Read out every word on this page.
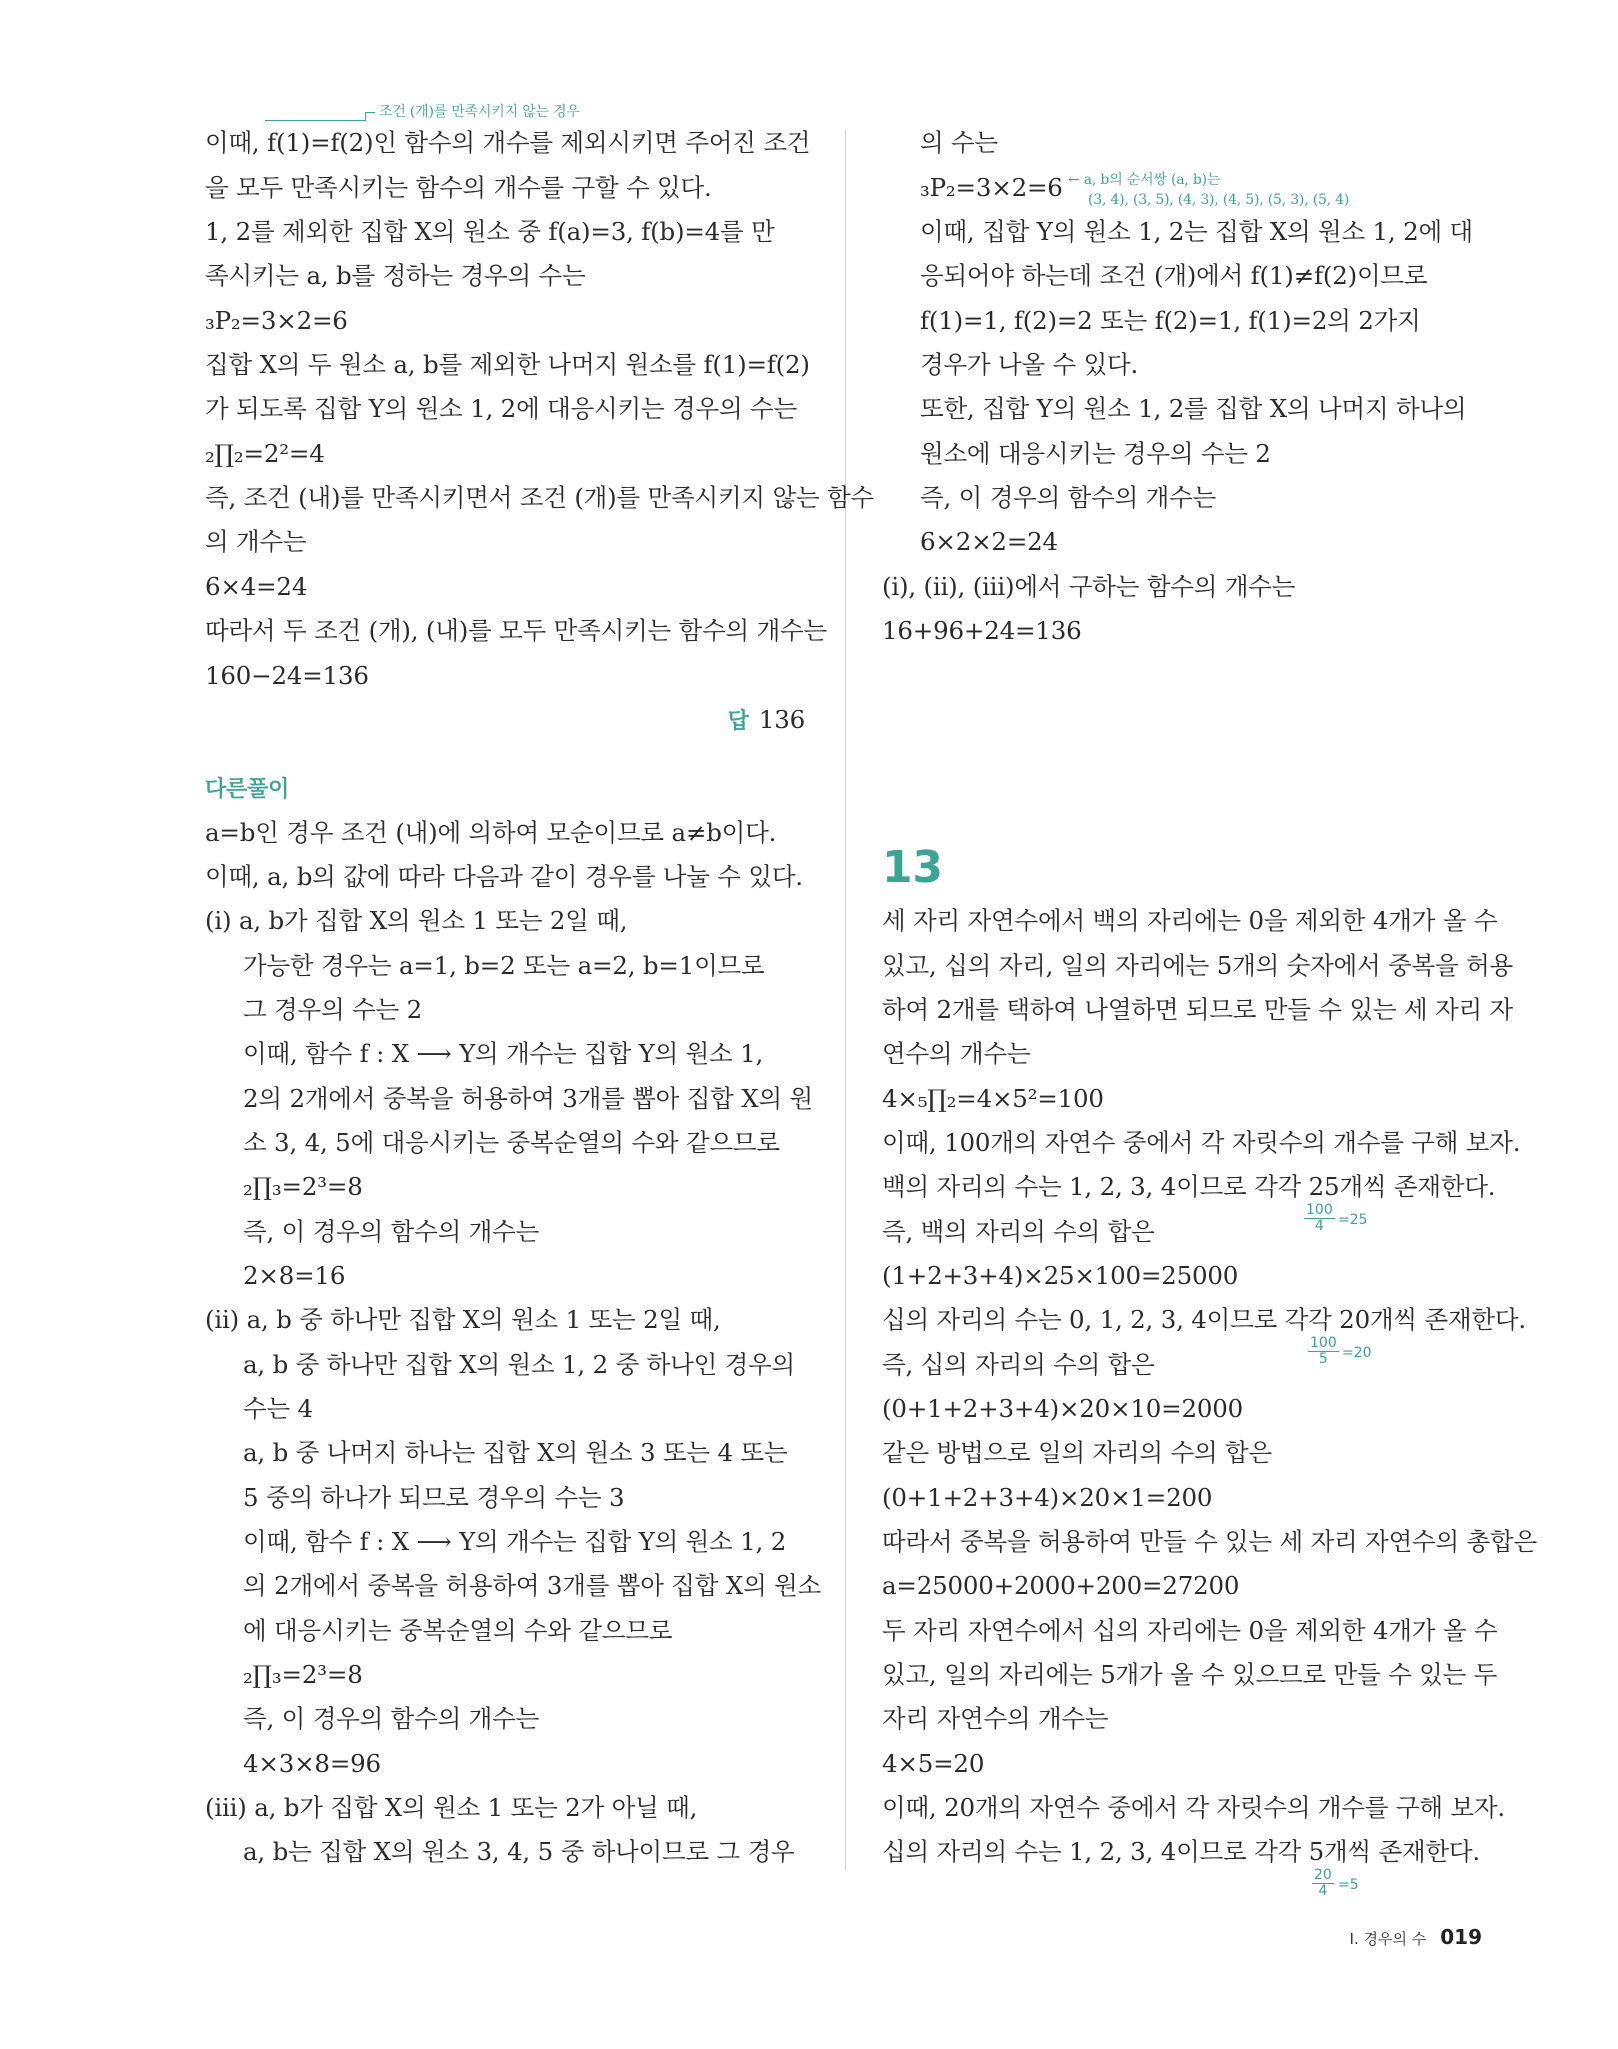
조건 (개)를 만족시키지 않는 경우
이때, f(1)=f(2)인 함수의 개수를 제외시키면 주어진 조건
을 모두 만족시키는 함수의 개수를 구할 수 있다.
1, 2를 제외한 집합 X의 원소 중 f(a)=3, f(b)=4를 만
족시키는 a, b를 정하는 경우의 수는
₃P₂=3×2=6
집합 X의 두 원소 a, b를 제외한 나머지 원소를 f(1)=f(2)
가 되도록 집합 Y의 원소 1, 2에 대응시키는 경우의 수는
₂∏₂=2²=4
즉, 조건 (내)를 만족시키면서 조건 (개)를 만족시키지 않는 함수
의 개수는
6×4=24
따라서 두 조건 (개), (내)를 모두 만족시키는 함수의 개수는
160−24=136
답 136
다른풀이
a=b인 경우 조건 (내)에 의하여 모순이므로 a≠b이다.
이때, a, b의 값에 따라 다음과 같이 경우를 나눌 수 있다.
(i) a, b가 집합 X의 원소 1 또는 2일 때,
가능한 경우는 a=1, b=2 또는 a=2, b=1이므로
그 경우의 수는 2
이때, 함수 f : X ⟶ Y의 개수는 집합 Y의 원소 1,
2의 2개에서 중복을 허용하여 3개를 뽑아 집합 X의 원
소 3, 4, 5에 대응시키는 중복순열의 수와 같으므로
₂∏₃=2³=8
즉, 이 경우의 함수의 개수는
2×8=16
(ii) a, b 중 하나만 집합 X의 원소 1 또는 2일 때,
a, b 중 하나만 집합 X의 원소 1, 2 중 하나인 경우의
수는 4
a, b 중 나머지 하나는 집합 X의 원소 3 또는 4 또는
5 중의 하나가 되므로 경우의 수는 3
이때, 함수 f : X ⟶ Y의 개수는 집합 Y의 원소 1, 2
의 2개에서 중복을 허용하여 3개를 뽑아 집합 X의 원소
에 대응시키는 중복순열의 수와 같으므로
₂∏₃=2³=8
즉, 이 경우의 함수의 개수는
4×3×8=96
(iii) a, b가 집합 X의 원소 1 또는 2가 아닐 때,
a, b는 집합 X의 원소 3, 4, 5 중 하나이므로 그 경우
의 수는
₃P₂=3×2=6 ← a, b의 순서쌍 (a, b)는
(3, 4), (3, 5), (4, 3), (4, 5), (5, 3), (5, 4)
이때, 집합 Y의 원소 1, 2는 집합 X의 원소 1, 2에 대
응되어야 하는데 조건 (개)에서 f(1)≠f(2)이므로
f(1)=1, f(2)=2 또는 f(2)=1, f(1)=2의 2가지
경우가 나올 수 있다.
또한, 집합 Y의 원소 1, 2를 집합 X의 나머지 하나의
원소에 대응시키는 경우의 수는 2
즉, 이 경우의 함수의 개수는
6×2×2=24
(i), (ii), (iii)에서 구하는 함수의 개수는
16+96+24=136
13
세 자리 자연수에서 백의 자리에는 0을 제외한 4개가 올 수
있고, 십의 자리, 일의 자리에는 5개의 숫자에서 중복을 허용
하여 2개를 택하여 나열하면 되므로 만들 수 있는 세 자리 자
연수의 개수는
4×₅∏₂=4×5²=100
이때, 100개의 자연수 중에서 각 자릿수의 개수를 구해 보자.
백의 자리의 수는 1, 2, 3, 4이므로 각각 25개씩 존재한다.
$\frac{100}{4} =25$
즉, 백의 자리의 수의 합은
(1+2+3+4)×25×100=25000
십의 자리의 수는 0, 1, 2, 3, 4이므로 각각 20개씩 존재한다.
$\frac{100}{5} =20$
즉, 십의 자리의 수의 합은
(0+1+2+3+4)×20×10=2000
같은 방법으로 일의 자리의 수의 합은
(0+1+2+3+4)×20×1=200
따라서 중복을 허용하여 만들 수 있는 세 자리 자연수의 총합은
a=25000+2000+200=27200
두 자리 자연수에서 십의 자리에는 0을 제외한 4개가 올 수
있고, 일의 자리에는 5개가 올 수 있으므로 만들 수 있는 두
자리 자연수의 개수는
4×5=20
이때, 20개의 자연수 중에서 각 자릿수의 개수를 구해 보자.
십의 자리의 수는 1, 2, 3, 4이므로 각각 5개씩 존재한다.
$\frac{20}{4} =5$
I. 경우의 수 019
